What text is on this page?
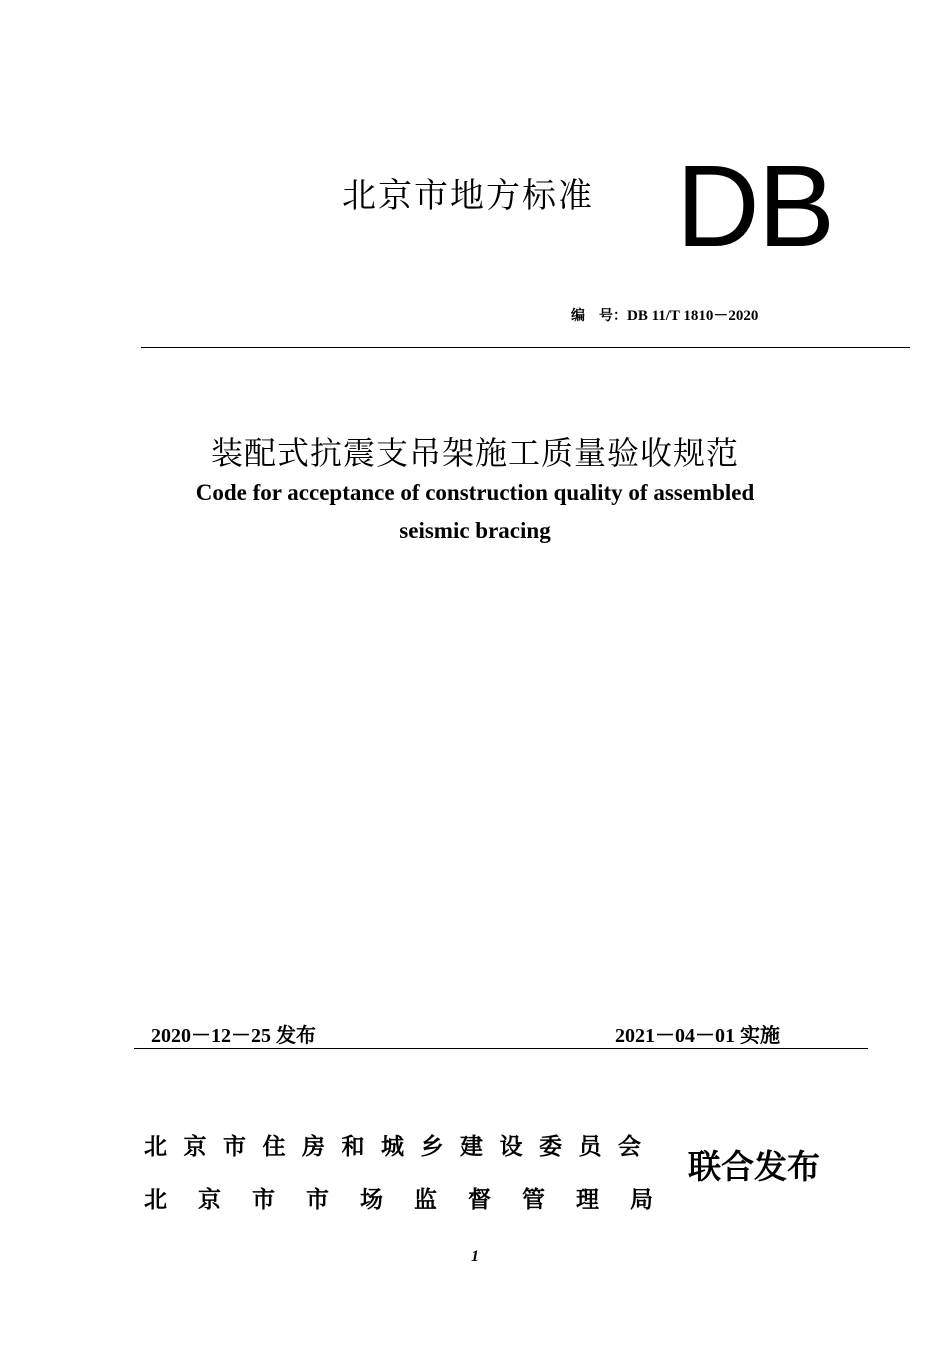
北京市地方标准 DB
编　号：DB 11/T 1810－2020
装配式抗震支吊架施工质量验收规范
Code for acceptance of construction quality of assembled
seismic bracing
2020－12－25 发布	2021－04－01 实施
北京市住房和城乡建设委员会
北京市市场监督管理局
联合发布
1
